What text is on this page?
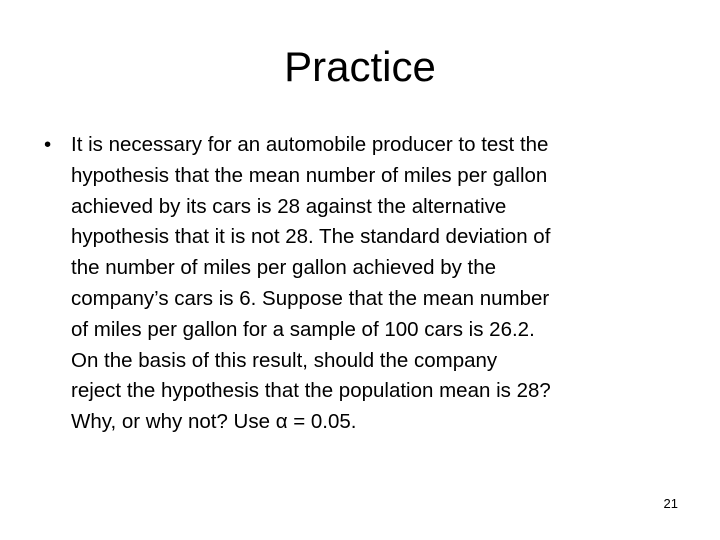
Practice
• It is necessary for an automobile producer to test the
hypothesis that the mean number of miles per gallon
achieved by its cars is 28 against the alternative
hypothesis that it is not 28. The standard deviation of
the number of miles per gallon achieved by the
company’s cars is 6. Suppose that the mean number
of miles per gallon for a sample of 100 cars is 26.2.
On the basis of this result, should the company
reject the hypothesis that the population mean is 28?
Why, or why not? Use α = 0.05.
21
